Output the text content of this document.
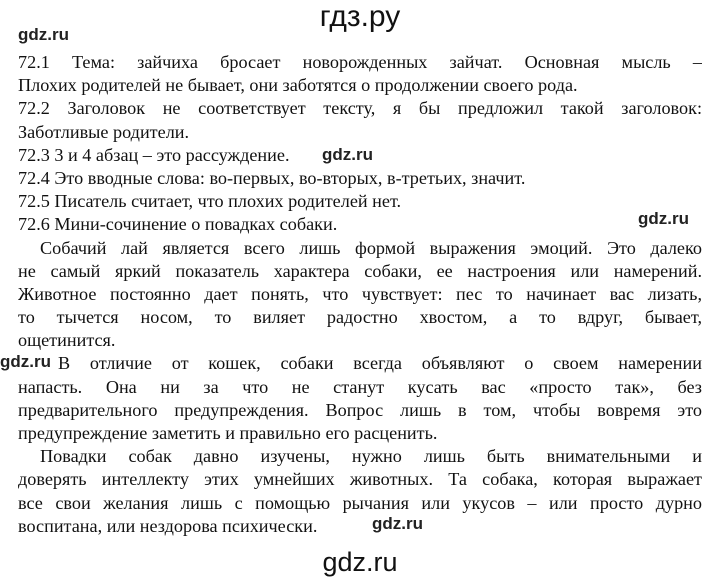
гдз.ру
gdz.ru
72.1 Тема: зайчиха бросает новорожденных зайчат. Основная мысль –
Плохих родителей не бывает, они заботятся о продолжении своего рода.
72.2 Заголовок не соответствует тексту, я бы предложил такой заголовок:
Заботливые родители.
72.3 3 и 4 абзац – это рассуждение.
72.4 Это вводные слова: во-первых, во-вторых, в-третьих, значит.
72.5 Писатель считает, что плохих родителей нет.
72.6 Мини-сочинение о повадках собаки.
Собачий лай является всего лишь формой выражения эмоций. Это далеко
не самый яркий показатель характера собаки, ее настроения или намерений.
Животное постоянно дает понять, что чувствует: пес то начинает вас лизать,
то тычется носом, то виляет радостно хвостом, а то вдруг, бывает,
ощетинится.
В отличие от кошек, собаки всегда объявляют о своем намерении
напасть. Она ни за что не станут кусать вас «просто так», без
предварительного предупреждения. Вопрос лишь в том, чтобы вовремя это
предупреждение заметить и правильно его расценить.
Повадки собак давно изучены, нужно лишь быть внимательными и
доверять интеллекту этих умнейших животных. Та собака, которая выражает
все свои желания лишь с помощью рычания или укусов – или просто дурно
воспитана, или нездорова психически.
gdz.ru
gdz.ru
gdz.ru
gdz.ru
gdz.ru
